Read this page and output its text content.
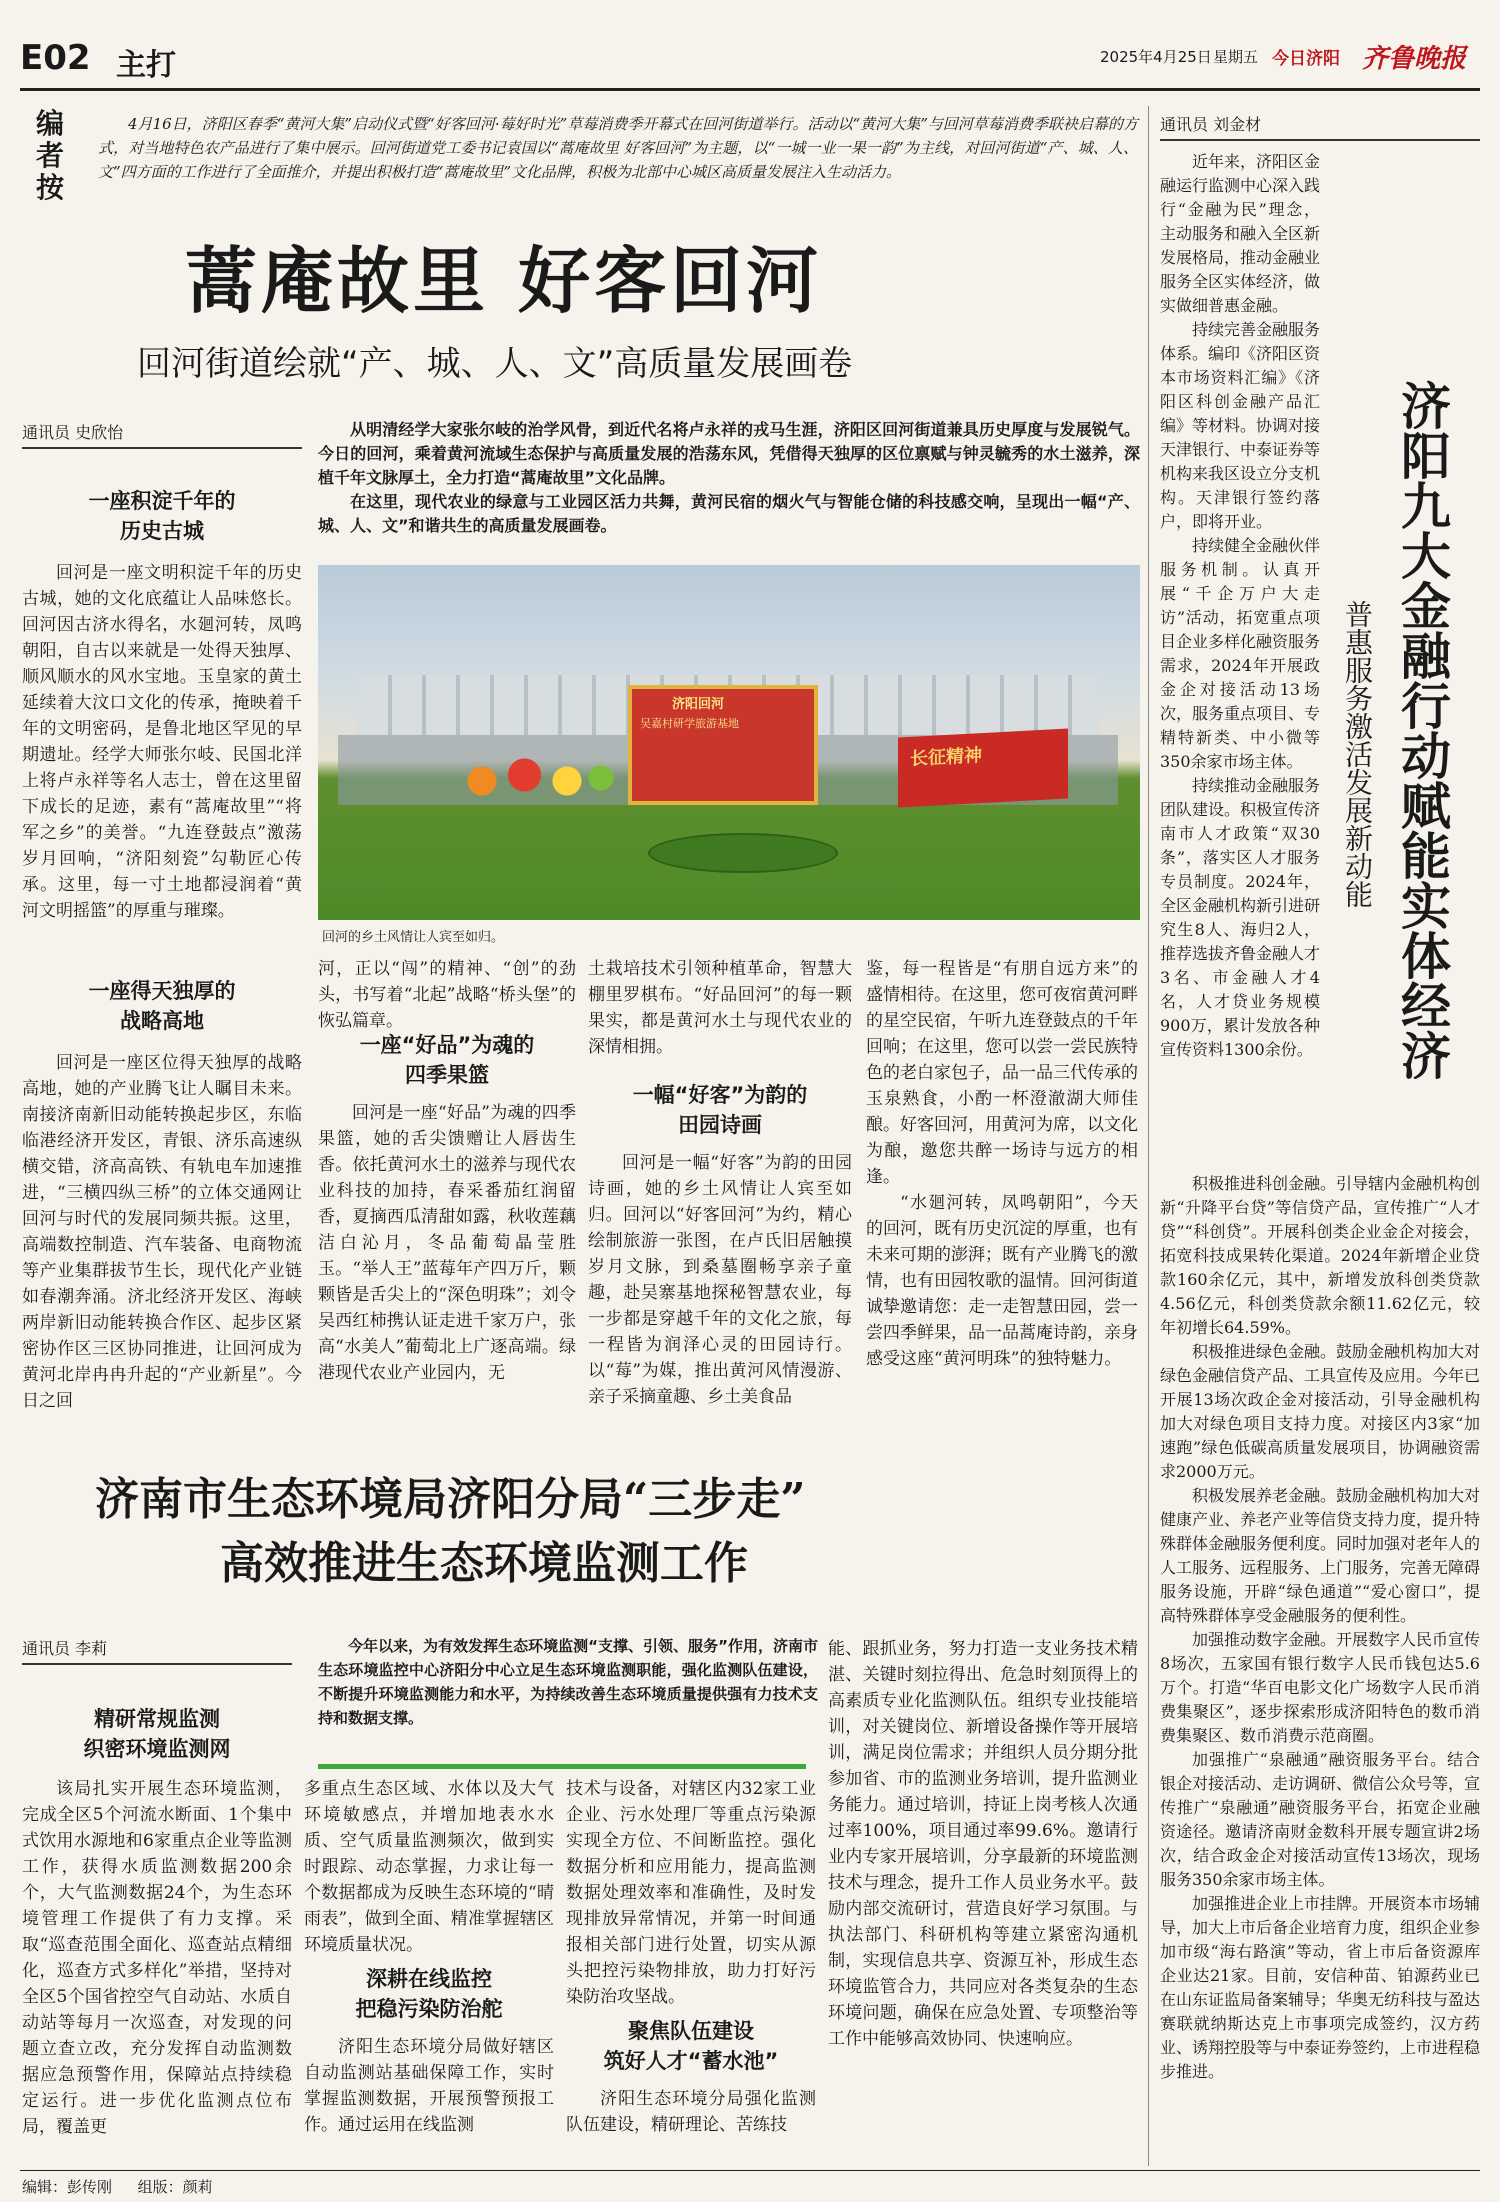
E02 主打	2025年4月25日 星期五 今日济阳 齐鲁晚报
编
者
按

4月16日，济阳区春季“黄河大集”启动仪式暨“好客回河·莓好时光”草莓消费季开幕式在回河街道举行。活动以“黄河大集”与回河草莓消费季联袂启幕的方式，对当地特色农产品进行了集中展示。回河街道党工委书记袁国以“蒿庵故里 好客回河”为主题，以“一城一业一果一韵”为主线，对回河街道“产、城、人、文”四方面的工作进行了全面推介，并提出积极打造“蒿庵故里”文化品牌，积极为北部中心城区高质量发展注入生动活力。

蒿庵故里 好客回河
回河街道绘就“产、城、人、文”高质量发展画卷
通讯员 史欣怡	从明清经学大家张尔岐的治学风骨，到近代名将卢永祥的戎马生涯，济阳区回河街道兼具历史厚度与发展锐气。今日的回河，乘着黄河流域生态保护与高质量发展的浩荡东风，凭借得天独厚的区位禀赋与钟灵毓秀的水土滋养，深植千年文脉厚土，全力打造“蒿庵故里”文化品牌。

在这里，现代农业的绿意与工业园区活力共舞，黄河民宿的烟火气与智能仓储的科技感交响，呈现出一幅“产、城、人、文”和谐共生的高质量发展画卷。

济阳回河
吴嘉村研学旅游基地
长征精神
回河的乡土风情让人宾至如归。
一座积淀千年的
历史古城

回河是一座文明积淀千年的历史古城，她的文化底蕴让人品味悠长。回河因古济水得名，水廻河转，凤鸣朝阳，自古以来就是一处得天独厚、顺风顺水的风水宝地。玉皇家的黄土延续着大汶口文化的传承，掩映着千年的文明密码，是鲁北地区罕见的早期遗址。经学大师张尔岐、民国北洋上将卢永祥等名人志士，曾在这里留下成长的足迹，素有“蒿庵故里”“将军之乡”的美誉。“九连登鼓点”激荡岁月回响，“济阳刻瓷”勾勒匠心传承。这里，每一寸土地都浸润着“黄河文明摇篮”的厚重与璀璨。

一座得天独厚的
战略高地

回河是一座区位得天独厚的战略高地，她的产业腾飞让人瞩目未来。南接济南新旧动能转换起步区，东临临港经济开发区，青银、济乐高速纵横交错，济高高铁、有轨电车加速推进，“三横四纵三桥”的立体交通网让回河与时代的发展同频共振。这里，高端数控制造、汽车装备、电商物流等产业集群拔节生长，现代化产业链如春潮奔涌。济北经济开发区、海峡两岸新旧动能转换合作区、起步区紧密协作区三区协同推进，让回河成为黄河北岸冉冉升起的“产业新星”。今日之回

河，正以“闯”的精神、“创”的劲头，书写着“北起”战略“桥头堡”的恢弘篇章。

一座“好品”为魂的
四季果篮

回河是一座“好品”为魂的四季果篮，她的舌尖馈赠让人唇齿生香。依托黄河水土的滋养与现代农业科技的加持，春采番茄红润留香，夏摘西瓜清甜如露，秋收莲藕洁白沁月，冬品葡萄晶莹胜玉。“举人王”蓝莓年产四万斤，颗颗皆是舌尖上的“深色明珠”；刘令吴西红柿携认证走进千家万户，张高“水美人”葡萄北上广逐高端。绿港现代农业产业园内，无

土栽培技术引领种植革命，智慧大棚里罗棋布。“好品回河”的每一颗果实，都是黄河水土与现代农业的深情相拥。

一幅“好客”为韵的
田园诗画

回河是一幅“好客”为韵的田园诗画，她的乡土风情让人宾至如归。回河以“好客回河”为约，精心绘制旅游一张图，在卢氏旧居触摸岁月文脉，到桑墓圈畅享亲子童趣，赴吴寨基地探秘智慧农业，每一步都是穿越千年的文化之旅，每一程皆为润泽心灵的田园诗行。以“莓”为媒，推出黄河风情漫游、亲子采摘童趣、乡土美食品

鉴，每一程皆是“有朋自远方来”的盛情相待。在这里，您可夜宿黄河畔的星空民宿，午听九连登鼓点的千年回响；在这里，您可以尝一尝民族特色的老白家包子，品一品三代传承的玉泉熟食，小酌一杯澄澈湖大师佳酿。好客回河，用黄河为席，以文化为酿，邀您共醉一场诗与远方的相逢。

“水廻河转，凤鸣朝阳”，今天的回河，既有历史沉淀的厚重，也有未来可期的澎湃；既有产业腾飞的激情，也有田园牧歌的温情。回河街道诚挚邀请您：走一走智慧田园，尝一尝四季鲜果，品一品蒿庵诗韵，亲身感受这座“黄河明珠”的独特魅力。

济南市生态环境局济阳分局“三步走”
高效推进生态环境监测工作
通讯员 李莉	今年以来，为有效发挥生态环境监测“支撑、引领、服务”作用，济南市生态环境监控中心济阳分中心立足生态环境监测职能，强化监测队伍建设，不断提升环境监测能力和水平，为持续改善生态环境质量提供强有力技术支持和数据支撑。

精研常规监测
织密环境监测网

该局扎实开展生态环境监测，完成全区5个河流水断面、1个集中式饮用水源地和6家重点企业等监测工作，获得水质监测数据200余个，大气监测数据24个，为生态环境管理工作提供了有力支撑。采取“巡查范围全面化、巡查站点精细化，巡查方式多样化”举措，坚持对全区5个国省控空气自动站、水质自动站等每月一次巡查，对发现的问题立查立改，充分发挥自动监测数据应急预警作用，保障站点持续稳定运行。进一步优化监测点位布局，覆盖更

多重点生态区域、水体以及大气环境敏感点，并增加地表水水质、空气质量监测频次，做到实时跟踪、动态掌握，力求让每一个数据都成为反映生态环境的“晴雨表”，做到全面、精准掌握辖区环境质量状况。

深耕在线监控
把稳污染防治舵

济阳生态环境分局做好辖区自动监测站基础保障工作，实时掌握监测数据，开展预警预报工作。通过运用在线监测

技术与设备，对辖区内32家工业企业、污水处理厂等重点污染源实现全方位、不间断监控。强化数据分析和应用能力，提高监测数据处理效率和准确性，及时发现排放异常情况，并第一时间通报相关部门进行处置，切实从源头把控污染物排放，助力打好污染防治攻坚战。

聚焦队伍建设
筑好人才“蓄水池”

济阳生态环境分局强化监测队伍建设，精研理论、苦练技

能、跟抓业务，努力打造一支业务技术精湛、关键时刻拉得出、危急时刻顶得上的高素质专业化监测队伍。组织专业技能培训，对关键岗位、新增设备操作等开展培训，满足岗位需求；并组织人员分期分批参加省、市的监测业务培训，提升监测业务能力。通过培训，持证上岗考核人次通过率100%，项目通过率99.6%。邀请行业内专家开展培训，分享最新的环境监测技术与理念，提升工作人员业务水平。鼓励内部交流研讨，营造良好学习氛围。与执法部门、科研机构等建立紧密沟通机制，实现信息共享、资源互补，形成生态环境监管合力，共同应对各类复杂的生态环境问题，确保在应急处置、专项整治等工作中能够高效协同、快速响应。

通讯员 刘金材

近年来，济阳区金融运行监测中心深入践行“金融为民”理念，主动服务和融入全区新发展格局，推动金融业服务全区实体经济，做实做细普惠金融。

持续完善金融服务体系。编印《济阳区资本市场资料汇编》《济阳区科创金融产品汇编》等材料。协调对接天津银行、中泰证券等机构来我区设立分支机构。天津银行签约落户，即将开业。

持续健全金融伙伴服务机制。认真开展“千企万户大走访”活动，拓宽重点项目企业多样化融资服务需求，2024年开展政金企对接活动13场次，服务重点项目、专精特新类、中小微等350余家市场主体。

持续推动金融服务团队建设。积极宣传济南市人才政策“双30条”，落实区人才服务专员制度。2024年，全区金融机构新引进研究生8人、海归2人，推荐选拔齐鲁金融人才3名、市金融人才4名，人才贷业务规模900万，累计发放各种宣传资料1300余份。 济阳九大金融行动赋能实体经济
普惠服务激活发展新动能

积极推进科创金融。引导辖内金融机构创新“升降平台贷”等信贷产品，宣传推广“人才贷”“科创贷”。开展科创类企业金企对接会，拓宽科技成果转化渠道。2024年新增企业贷款160余亿元，其中，新增发放科创类贷款4.56亿元，科创类贷款余额11.62亿元，较年初增长64.59%。

积极推进绿色金融。鼓励金融机构加大对绿色金融信贷产品、工具宣传及应用。今年已开展13场次政企金对接活动，引导金融机构加大对绿色项目支持力度。对接区内3家“加速跑”绿色低碳高质量发展项目，协调融资需求2000万元。

积极发展养老金融。鼓励金融机构加大对健康产业、养老产业等信贷支持力度，提升特殊群体金融服务便利度。同时加强对老年人的人工服务、远程服务、上门服务，完善无障碍服务设施，开辟“绿色通道”“爱心窗口”，提高特殊群体享受金融服务的便利性。

加强推动数字金融。开展数字人民币宣传8场次，五家国有银行数字人民币钱包达5.6万个。打造“华百电影文化广场数字人民币消费集聚区”，逐步探索形成济阳特色的数币消费集聚区、数币消费示范商圈。

加强推广“泉融通”融资服务平台。结合银企对接活动、走访调研、微信公众号等，宣传推广“泉融通”融资服务平台，拓宽企业融资途径。邀请济南财金数科开展专题宣讲2场次，结合政金企对接活动宣传13场次，现场服务350余家市场主体。

加强推进企业上市挂牌。开展资本市场辅导，加大上市后备企业培育力度，组织企业参加市级“海右路演”等动，省上市后备资源库企业达21家。目前，安信种苗、铂源药业已在山东证监局备案辅导；华奥无纺科技与盈达赛联就纳斯达克上市事项完成签约，汉方药业、诱翔控股等与中泰证券签约，上市进程稳步推进。

编辑：彭传刚 组版：颜莉
